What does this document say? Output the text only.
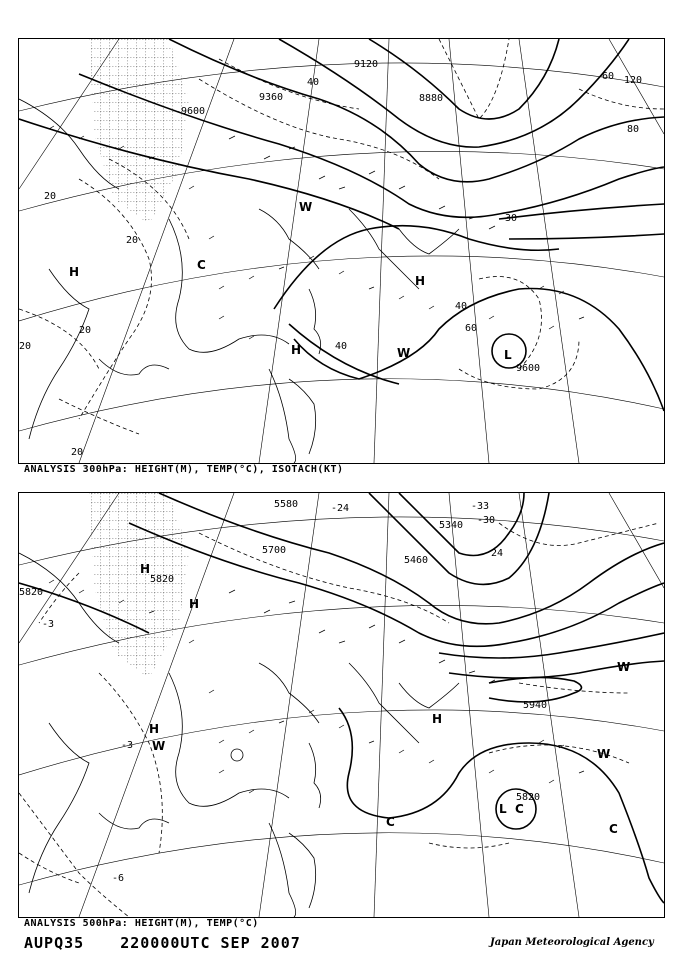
9120
9360
9600
8880
9600
40
20
20
20
20
20
60
80
120
30
40
60
40
H
H
W
H	W	L
C
ANALYSIS 300hPa: HEIGHT(M), TEMP(°C), ISOTACH(KT)
5580
5700
5340
5460
5820
5820
5940
5820
-24	-33
-30
-3
-3
24
-6
H
H
W
H
H
C
L C
W
W
C
ANALYSIS 500hPa: HEIGHT(M), TEMP(°C)
AUPQ35 220000UTC SEP 2007	Japan Meteorological Agency
